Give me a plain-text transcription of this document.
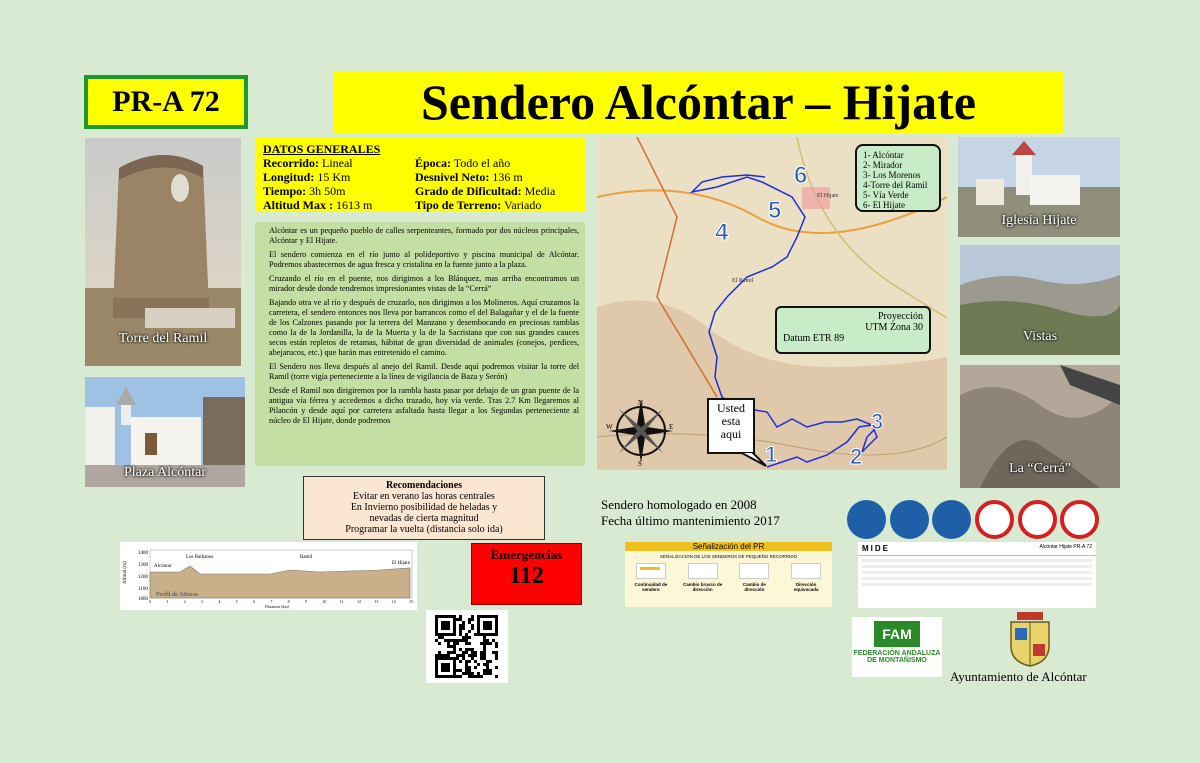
PR-A 72	Sendero Alcóntar – Hijate
Torre del Ramil
Plaza Alcóntar
DATOS GENERALES
Recorrido: Lineal	Época: Todo el año
Longitud: 15 Km	Desnivel Neto: 136 m
Tiempo: 3h 50m	Grado de Dificultad: Media
Altitud Max : 1613 m	Tipo de Terreno: Variado

Alcóntar es un pequeño pueblo de calles serpenteantes, formado por dos núcleos principales, Alcóntar y El Hijate.

El sendero comienza en el río junto al polideportivo y piscina municipal de Alcóntar. Podremos abastecernos de agua fresca y cristalina en la fuente junto a la plaza.

Cruzando el río en el puente, nos dirigimos a los Blánquez, mas arriba encontramos un mirador desde donde tendremos impresionantes vistas de la “Cerrá”

Bajando otra ve al río y después de cruzarlo, nos dirigimos a los Molineros. Aquí cruzamos la carretera, el sendero entonces nos lleva por barrancos como el del Balagañar y el de la fuente de los Calzones pasando por la terrera del Manzano y desembocando en preciosas ramblas como la de la Jordanilla, la de la Muerta y la de la Sacristana que con sus grandes cauces secos están repletos de retamas, hábitat de gran diversidad de animales (conejos, perdices, abejarucos, etc.) que harán mas entretenido el camino.

El Sendero nos lleva después al anejo del Ramil. Desde aquí podremos visitar la torre del Ramil (torre vigía perteneciente a la línea de vigilancia de Baza y Serón)

Desde el Ramil nos dirigiremos por la rambla hasta pasar por debajo de un gran puente de la antigua vía férrea y accedemos a dicho trazado, hoy vía verde. Tras 2.7 Km llegaremos al Pilancón y desde aquí por carretera asfaltada hasta llegar a los Segundas perteneciente al núcleo de El Hijate, donde podremos

El Hijate
El Ramil
N
S
E
W
1	2
3
4
5
6
1- Alcóntar
2- Mirador
3- Los Morenos
4-Torre del Ramil
5- Vía Verde
6- El Hijate
Proyección
UTM Zona 30
Datum ETR 89
Usted
esta
aqui
Iglesia Hijate
Vistas
La “Cerrá”
Recomendaciones
Evitar en verano las horas centrales
En Invierno posibilidad de heladas y
nevadas de cierta magnitud
Programar la vuelta (distancia solo ida)
Emergencias
112
Sendero homologado en 2008
Fecha último mantenimiento 2017
Altitud (m)
1400
1300
1200
1100
1000
Alcóntar
Los Balhanos	Ramil
El Hijate
Perfil de Alturas
Distancia (km)
0	1	2	3	4	5	6	7	8	9	10	11	12	13	14	15
Señalización del PR
SEÑALIZACIÓN DE LOS SENDEROS DE PEQUEÑO RECORRIDO
Continuidad de sendero
Cambio brusco de dirección
Cambio de dirección
Dirección equivocada
MIDE	Alcóntar Hijate PR-A 72
FAM
FEDERACIÓN ANDALUZA
DE MONTAÑISMO
Ayuntamiento de Alcóntar
